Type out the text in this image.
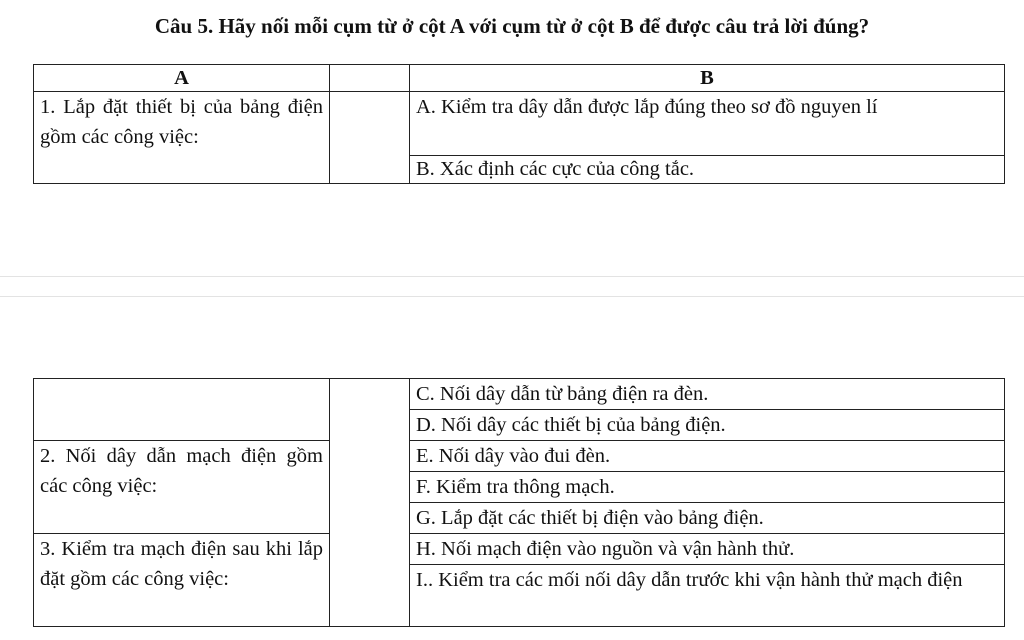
Câu 5. Hãy nối mỗi cụm từ ở cột A với cụm từ ở cột B để được câu trả lời đúng?
A		B
1. Lắp đặt thiết bị của bảng điện gồm các công việc:		A. Kiểm tra dây dẫn được lắp đúng theo sơ đồ nguyen lí
		B. Xác định các cực của công tắc.
		C. Nối dây dẫn từ bảng điện ra đèn.
		D. Nối dây các thiết bị của bảng điện.
2. Nối dây dẫn mạch điện gồm các công việc:		E. Nối dây vào đui đèn.
		F. Kiểm tra thông mạch.
		G. Lắp đặt các thiết bị điện vào bảng điện.
3. Kiểm tra mạch điện sau khi lắp đặt gồm các công việc:		H. Nối mạch điện vào nguồn và vận hành thử.
		I.. Kiểm tra các mối nối dây dẫn trước khi vận hành thử mạch điện
